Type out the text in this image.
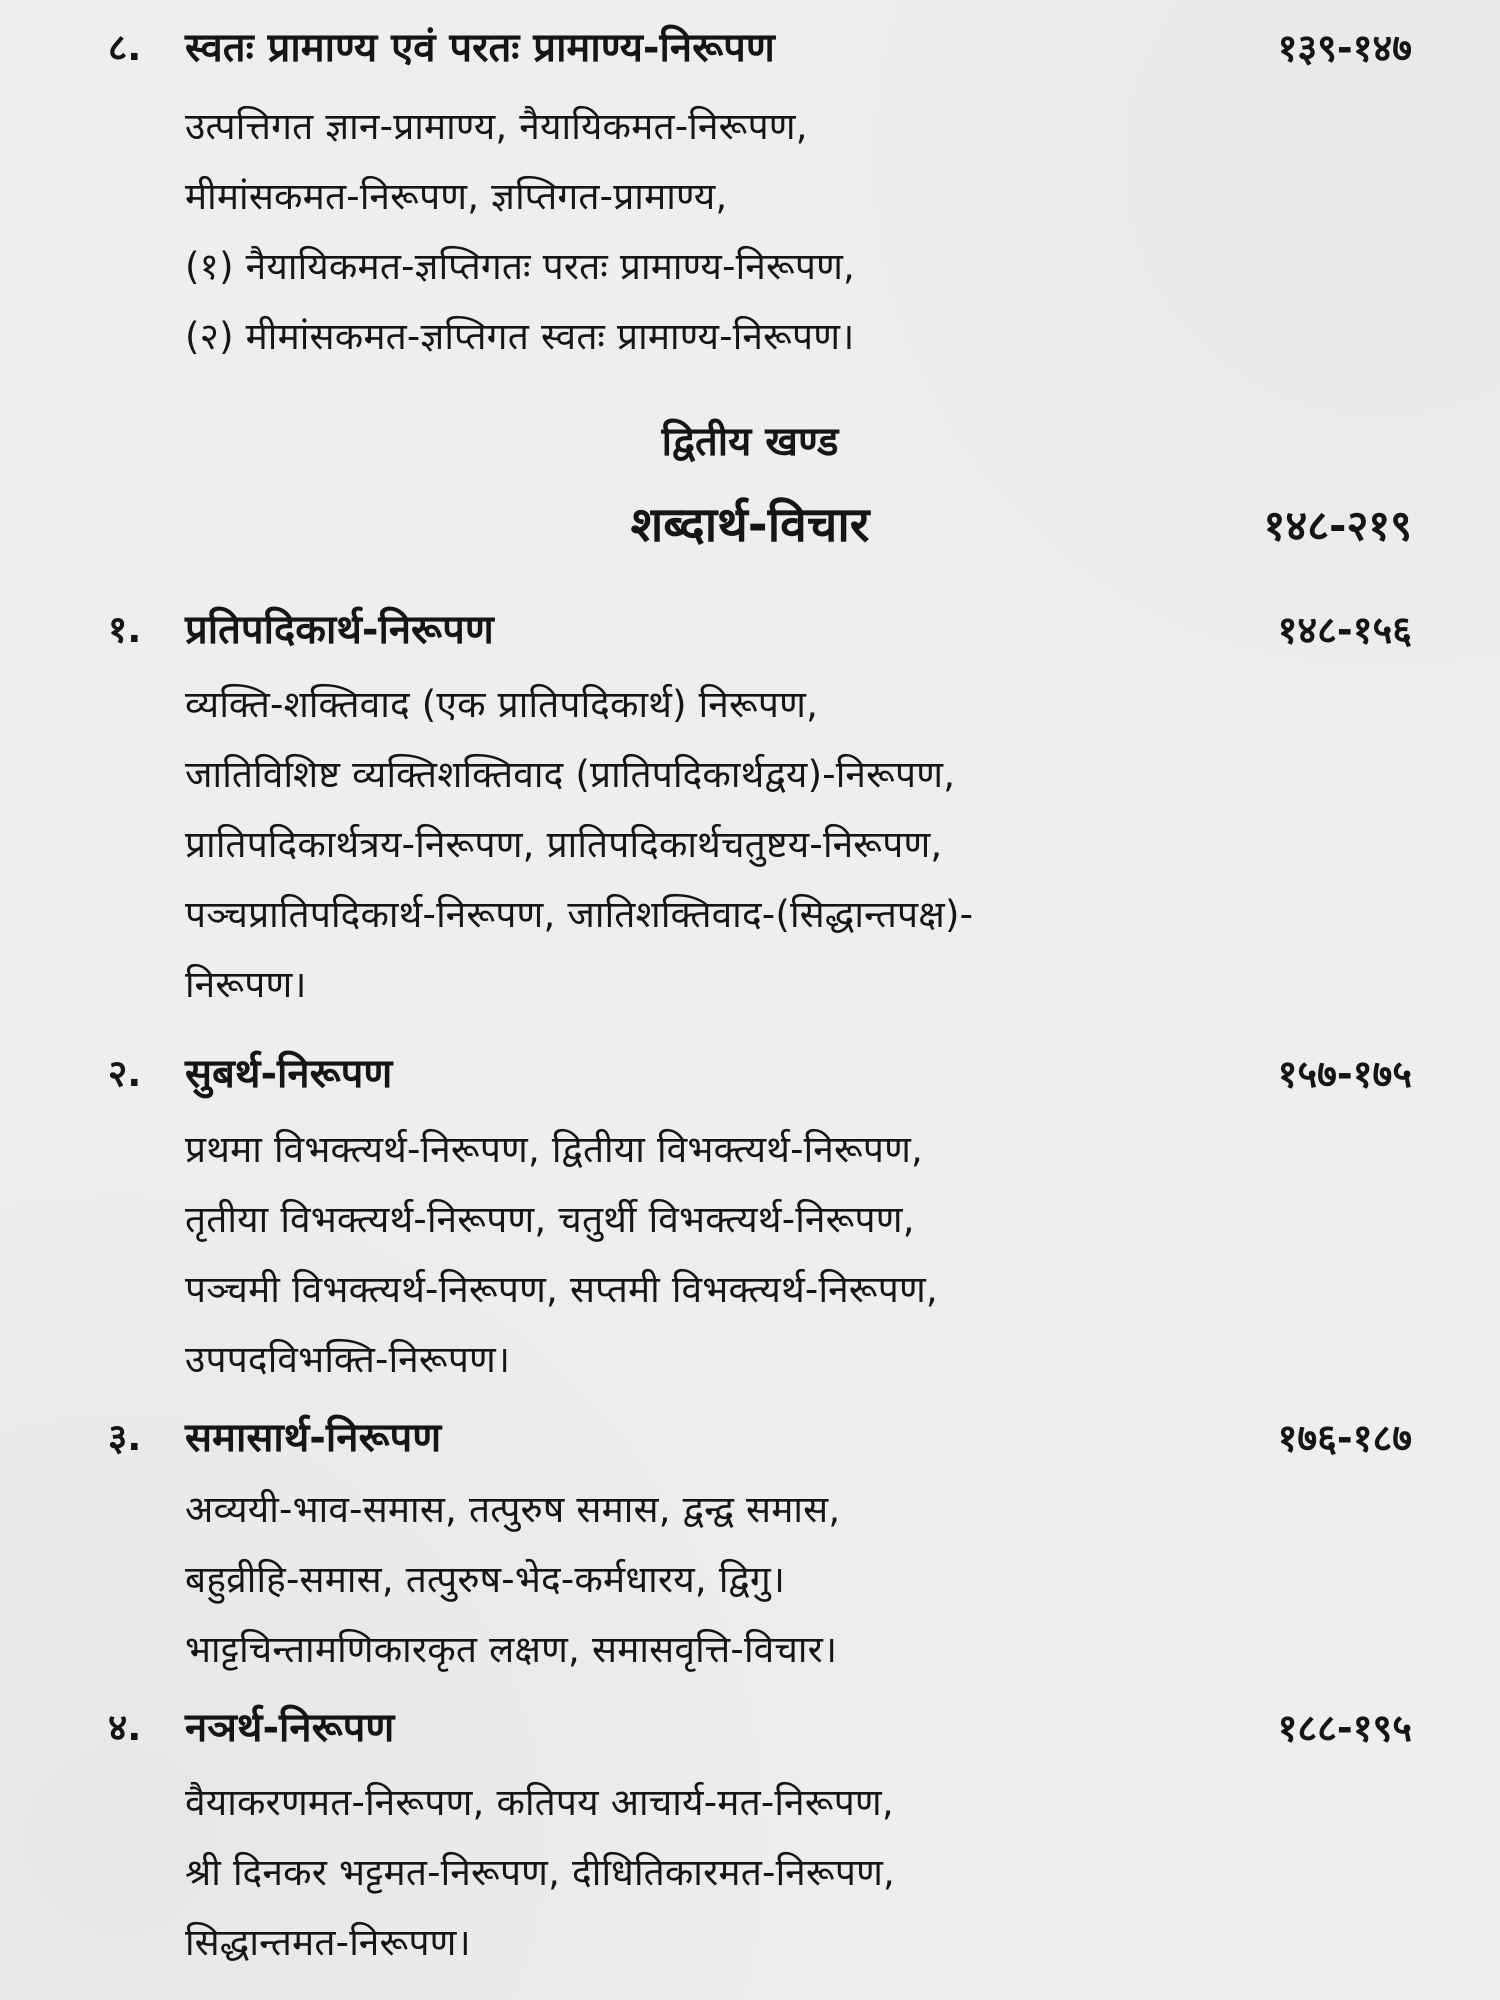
८. स्वतः प्रामाण्य एवं परतः प्रामाण्य-निरूपण	१३९-१४७
उत्पत्तिगत ज्ञान-प्रामाण्य, नैयायिकमत-निरूपण,
मीमांसकमत-निरूपण, ज्ञप्तिगत-प्रामाण्य,
(१) नैयायिकमत-ज्ञप्तिगतः परतः प्रामाण्य-निरूपण,
(२) मीमांसकमत-ज्ञप्तिगत स्वतः प्रामाण्य-निरूपण।
द्वितीय खण्ड
शब्दार्थ-विचार	१४८-२१९
१. प्रतिपदिकार्थ-निरूपण	१४८-१५६
व्यक्ति-शक्तिवाद (एक प्रातिपदिकार्थ) निरूपण,
जातिविशिष्ट व्यक्तिशक्तिवाद (प्रातिपदिकार्थद्वय)-निरूपण,
प्रातिपदिकार्थत्रय-निरूपण, प्रातिपदिकार्थचतुष्टय-निरूपण,
पञ्चप्रातिपदिकार्थ-निरूपण, जातिशक्तिवाद-(सिद्धान्तपक्ष)-
निरूपण।
२. सुबर्थ-निरूपण	१५७-१७५
प्रथमा विभक्त्यर्थ-निरूपण, द्वितीया विभक्त्यर्थ-निरूपण,
तृतीया विभक्त्यर्थ-निरूपण, चतुर्थी विभक्त्यर्थ-निरूपण,
पञ्चमी विभक्त्यर्थ-निरूपण, सप्तमी विभक्त्यर्थ-निरूपण,
उपपदविभक्ति-निरूपण।
३. समासार्थ-निरूपण	१७६-१८७
अव्ययी-भाव-समास, तत्पुरुष समास, द्वन्द्व समास,
बहुव्रीहि-समास, तत्पुरुष-भेद-कर्मधारय, द्विगु।
भाट्टचिन्तामणिकारकृत लक्षण, समासवृत्ति-विचार।
४. नञर्थ-निरूपण	१८८-१९५
वैयाकरणमत-निरूपण, कतिपय आचार्य-मत-निरूपण,
श्री दिनकर भट्टमत-निरूपण, दीधितिकारमत-निरूपण,
सिद्धान्तमत-निरूपण।
